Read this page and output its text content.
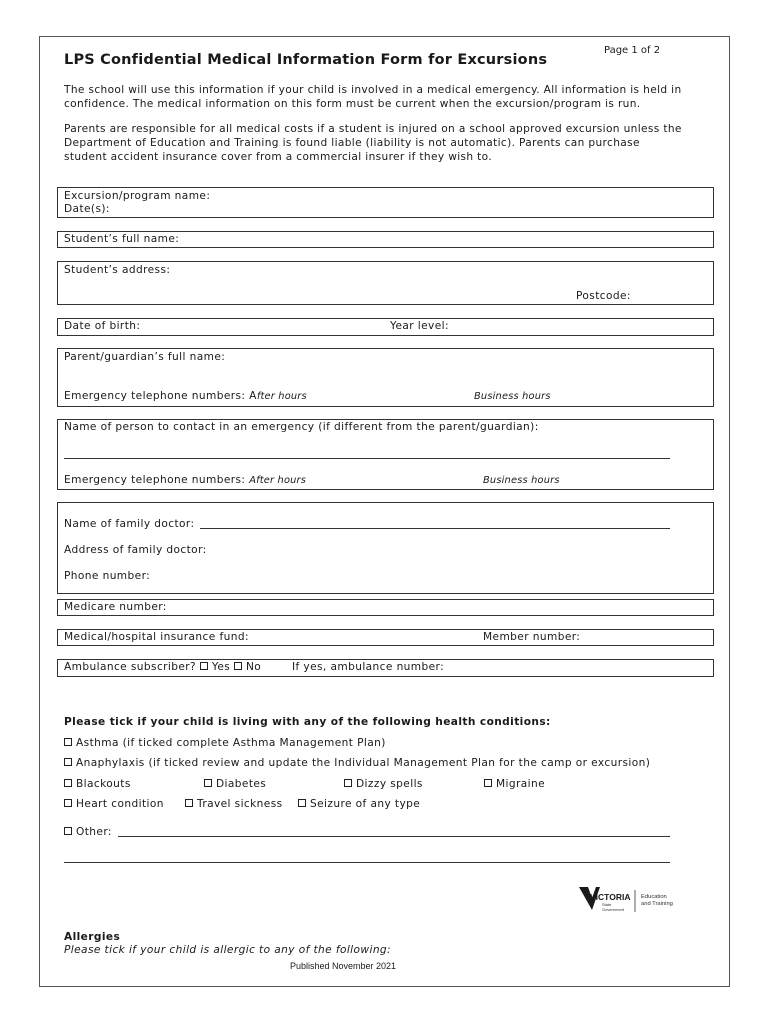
LPS Confidential Medical Information Form for Excursions
Page 1 of 2
The school will use this information if your child is involved in a medical emergency. All information is held in
confidence. The medical information on this form must be current when the excursion/program is run.
Parents are responsible for all medical costs if a student is injured on a school approved excursion unless the
Department of Education and Training is found liable (liability is not automatic). Parents can purchase
student accident insurance cover from a commercial insurer if they wish to.
Excursion/program name:
Date(s):
Student’s full name:
Student’s address:
Postcode:
Date of birth:	Year level:
Parent/guardian’s full name:
Emergency telephone numbers: After hours	Business hours
Name of person to contact in an emergency (if different from the parent/guardian):
Emergency telephone numbers: After hours	Business hours
Name of family doctor:
Address of family doctor:
Phone number:
Medicare number:
Medical/hospital insurance fund:	Member number:
Ambulance subscriber? Yes No	If yes, ambulance number:
Please tick if your child is living with any of the following health conditions:
Asthma (if ticked complete Asthma Management Plan)
Anaphylaxis (if ticked review and update the Individual Management Plan for the camp or excursion)
Blackouts	Diabetes	Dizzy spells	Migraine
Heart condition	Travel sickness	Seizure of any type
Other:
VICTORIA
State
Government
Education
and Training
Allergies
Please tick if your child is allergic to any of the following:
Published November 2021
